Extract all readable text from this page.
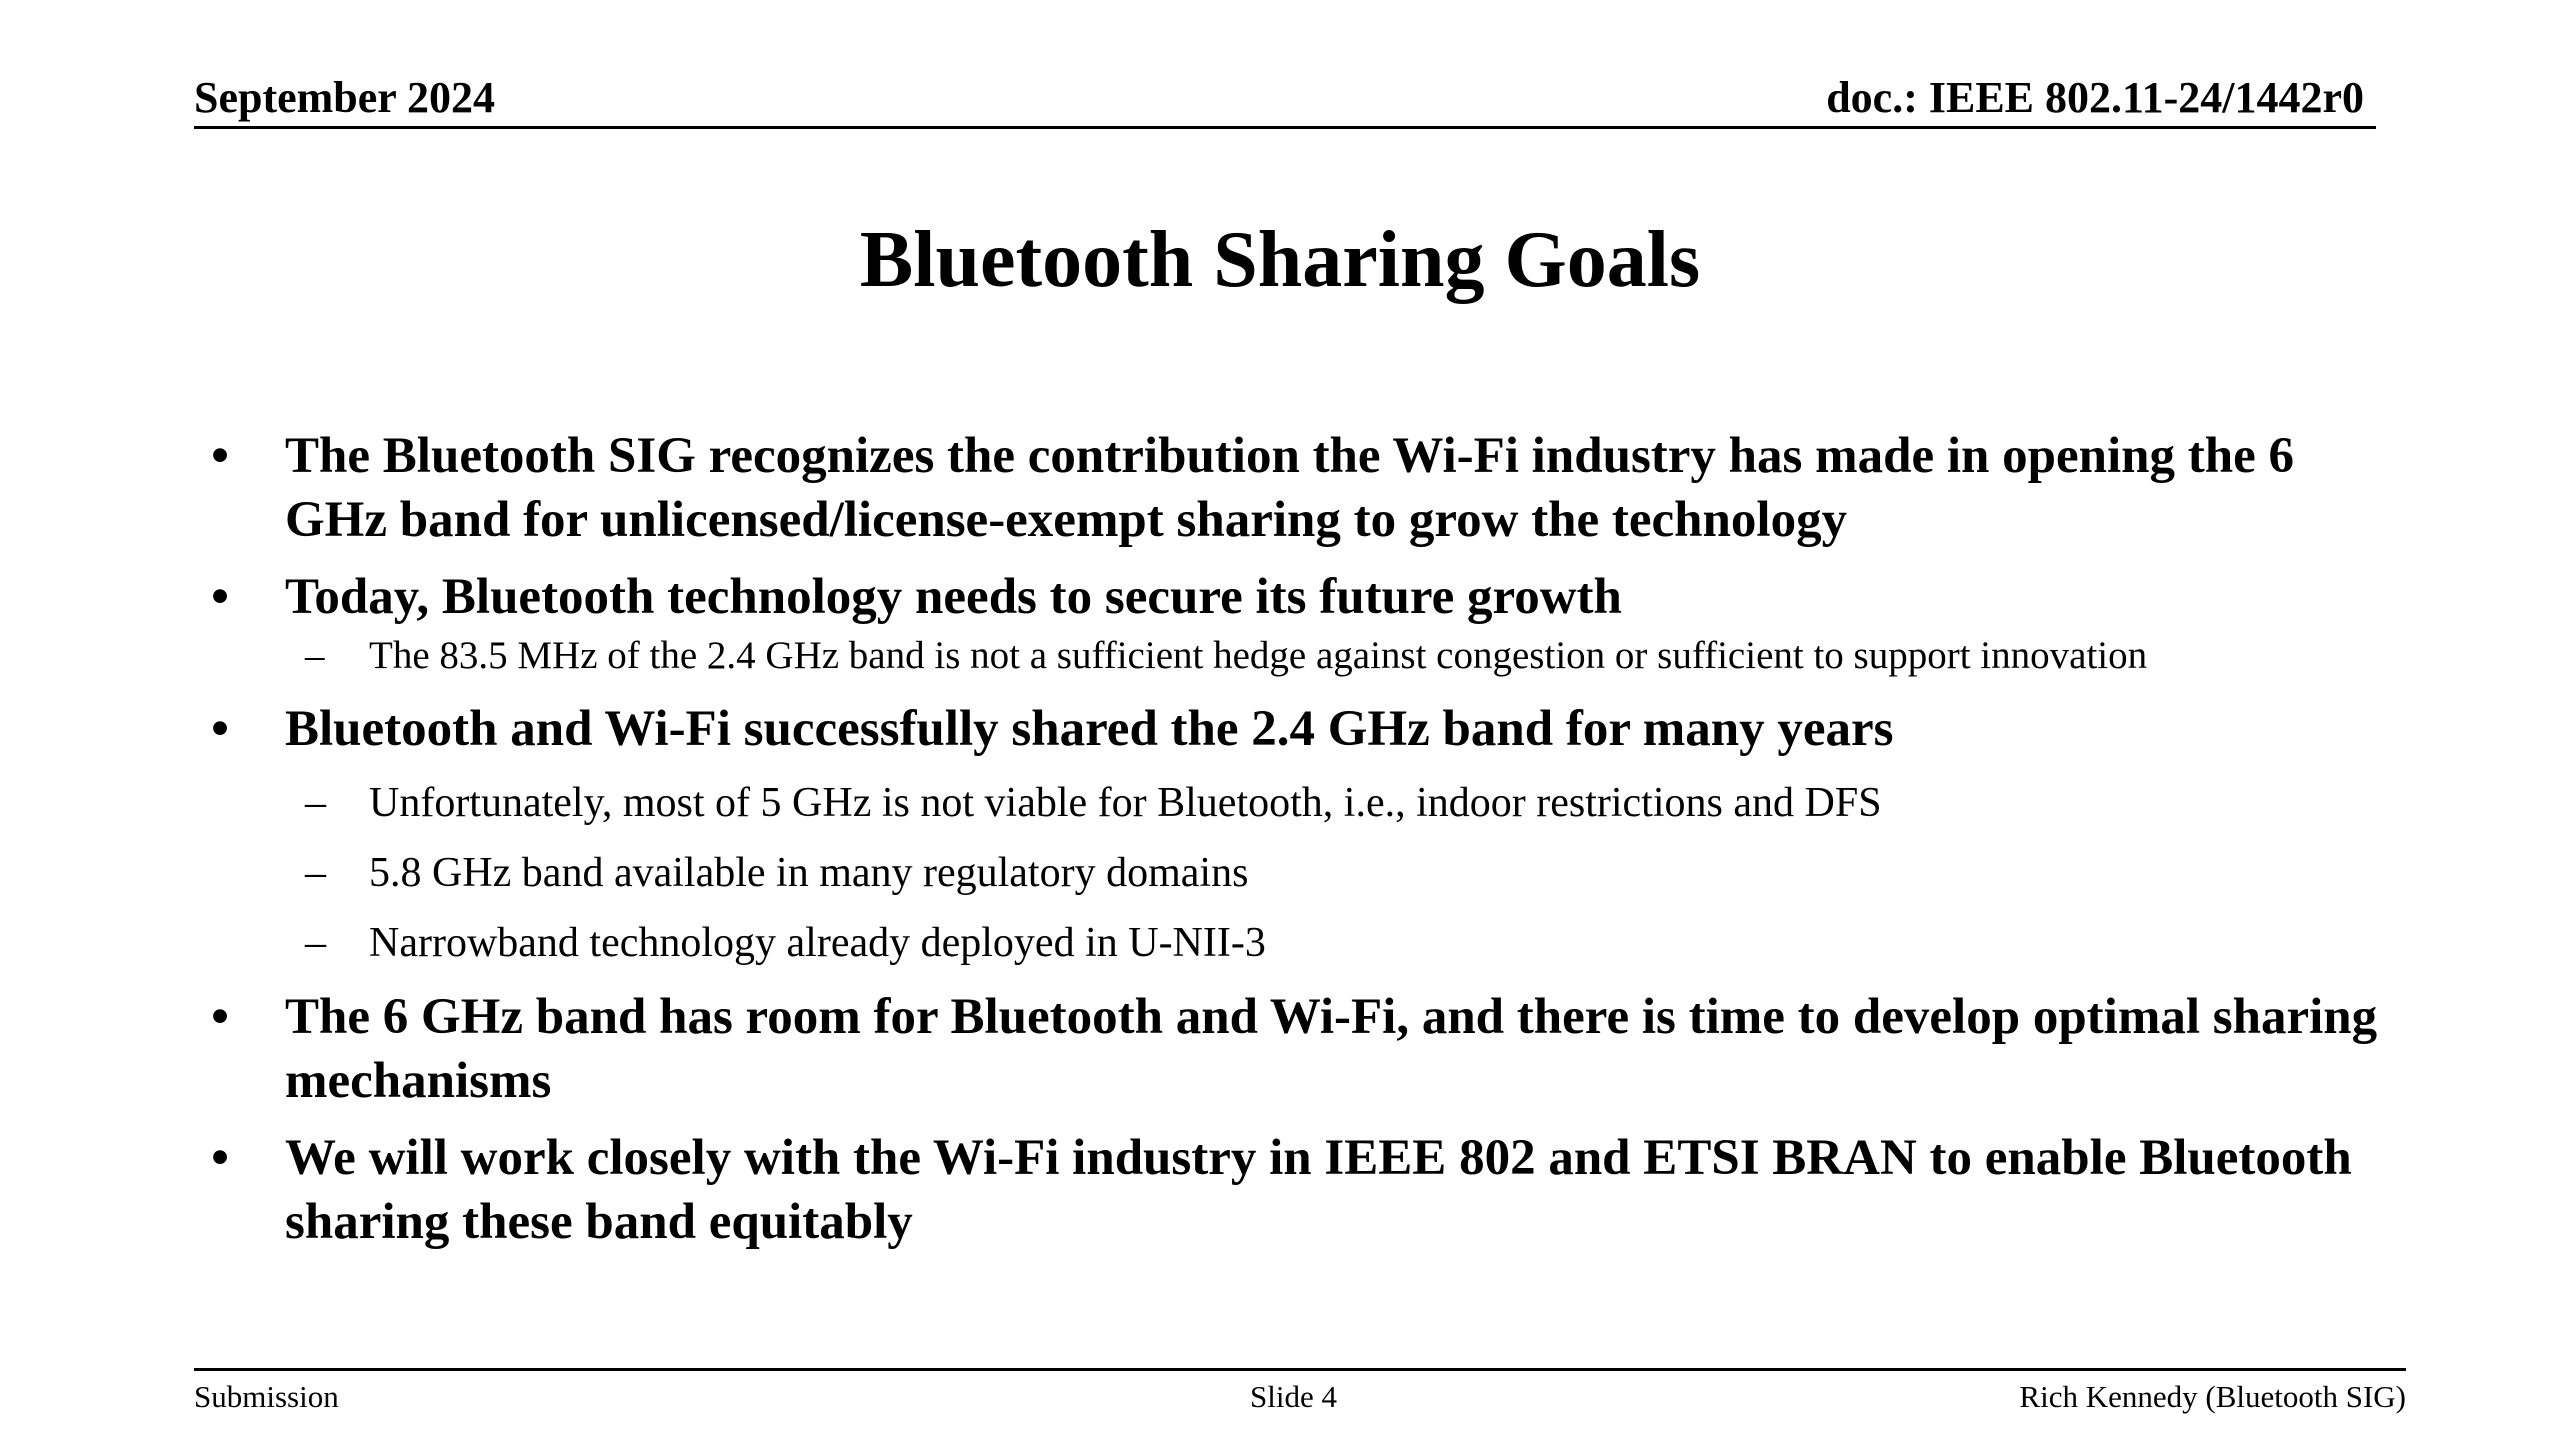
September 2024	doc.: IEEE 802.11-24/1442r0
Bluetooth Sharing Goals
• The Bluetooth SIG recognizes the contribution the Wi-Fi industry has made in opening the 6 GHz band for unlicensed/license-exempt sharing to grow the technology
• Today, Bluetooth technology needs to secure its future growth
– The 83.5 MHz of the 2.4 GHz band is not a sufficient hedge against congestion or sufficient to support innovation
• Bluetooth and Wi-Fi successfully shared the 2.4 GHz band for many years
– Unfortunately, most of 5 GHz is not viable for Bluetooth, i.e., indoor restrictions and DFS
– 5.8 GHz band available in many regulatory domains
– Narrowband technology already deployed in U-NII-3
• The 6 GHz band has room for Bluetooth and Wi-Fi, and there is time to develop optimal sharing mechanisms
• We will work closely with the Wi-Fi industry in IEEE 802 and ETSI BRAN to enable Bluetooth sharing these band equitably
Submission	Slide 4	Rich Kennedy (Bluetooth SIG)
